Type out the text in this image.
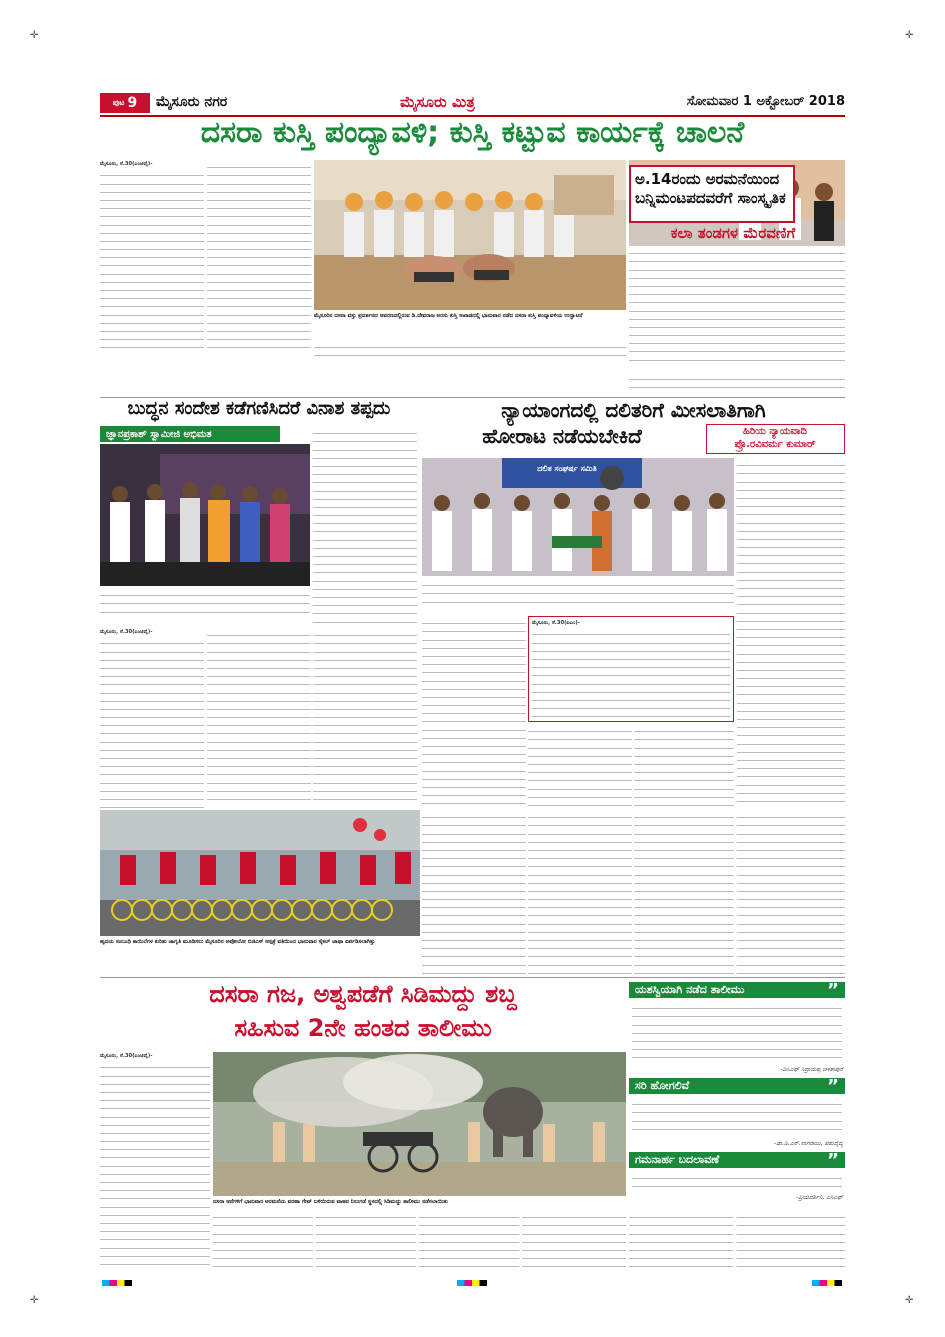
✛	✛
✛	✛
ಪುಟ 9 ಮೈಸೂರು ನಗರ	ಮೈಸೂರು ಮಿತ್ರ	ಸೋಮವಾರ 1 ಅಕ್ಟೋಬರ್ 2018
ದಸರಾ ಕುಸ್ತಿ ಪಂದ್ಯಾವಳಿ; ಕುಸ್ತಿ ಕಟ್ಟುವ ಕಾರ್ಯಕ್ಕೆ ಚಾಲನೆ
ಮೈಸೂರು, ಸೆ.30(ಎಂಟಿವೈ)-
ಮೈಸೂರಿನ ದಸರಾ ವಸ್ತು ಪ್ರದರ್ಶನದ ಆವರಣದಲ್ಲಿರುವ ಡಿ.ದೇವರಾಜ ಅರಸು ಕುಸ್ತಿ ಅಖಾಡದಲ್ಲಿ ಭಾನುವಾರ ನಡೆದ ದಸರಾ ಕುಸ್ತಿ ಪಂದ್ಯಾವಳಿಯ ಉದ್ಘಾಟನೆ
ಅ.14ರಂದು ಅರಮನೆಯಿಂದ
ಬನ್ನಿಮಂಟಪದವರೆಗೆ ಸಾಂಸ್ಕೃತಿಕ
ಕಲಾ ತಂಡಗಳ ಮೆರವಣಿಗೆ
ಬುದ್ಧನ ಸಂದೇಶ ಕಡೆಗಣಿಸಿದರೆ ವಿನಾಶ ತಪ್ಪದು
ಜ್ಞಾನಪ್ರಕಾಶ್ ಸ್ವಾಮೀಜಿ ಅಭಿಮತ
ಮೈಸೂರು, ಸೆ.30(ಎಂಟಿವೈ)-
ನ್ಯಾಯಾಂಗದಲ್ಲಿ ದಲಿತರಿಗೆ ಮೀಸಲಾತಿಗಾಗಿ
ಹೋರಾಟ ನಡೆಯಬೇಕಿದೆ	ಹಿರಿಯ ನ್ಯಾಯವಾದಿ
ಪ್ರೊ.ರವಿವರ್ಮ ಕುಮಾರ್
ದಲಿತ ಸಂಘರ್ಷ ಸಮಿತಿ
ಮೈಸೂರು, ಸೆ.30(ಪಿಎಂ)-
ಹೃದಯ ಸಂಬಂಧಿ ಕಾಯಿಲೆಗಳ ಕುರಿತು ಜಾಗೃತಿ ಮೂಡಿಸಲು ಮೈಸೂರಿನ ಅಪೋಲೋ ಬಿಜಿಎಸ್ ಆಸ್ಪತ್ರೆ ವತಿಯಿಂದ ಭಾನುವಾರ ಸೈಕಲ್ ಜಾಥಾ ಏರ್ಪಡಿಸಲಾಗಿತ್ತು
ದಸರಾ ಗಜ, ಅಶ್ವಪಡೆಗೆ ಸಿಡಿಮದ್ದು ಶಬ್ದ
ಸಹಿಸುವ 2ನೇ ಹಂತದ ತಾಲೀಮು
ಮೈಸೂರು, ಸೆ.30(ಎಂಟಿವೈ)-
ದಸರಾ ಆನೆಗಳಿಗೆ ಭಾನುವಾರ ಅರಮನೆಯ ವರಹಾ ಗೇಟ್ ಬಳಿಯಿರುವ ವಾಹನ ನಿಲುಗಡೆ ಸ್ಥಳದಲ್ಲಿ ಸಿಡಿಮದ್ದು ತಾಲೀಮು ನಡೆಸಲಾಯಿತು
ಯಶಸ್ವಿಯಾಗಿ ನಡೆದ ತಾಲೀಮು	”
-ಡಿಸಿಎಫ್ ಸಿದ್ರಾಮಪ್ಪ ಚಳಕಾಪುರೆ
ಸರಿ ಹೋಗಲಿವೆ	”
-ಡಾ.ಡಿ.ಎನ್.ನಾಗರಾಜು, ಪಶುವೈದ್ಯ
ಗಮನಾರ್ಹ ಬದಲಾವಣೆ	”
-ಪ್ರಿಯದರ್ಶಿನಿ, ಎಸಿಎಫ್
